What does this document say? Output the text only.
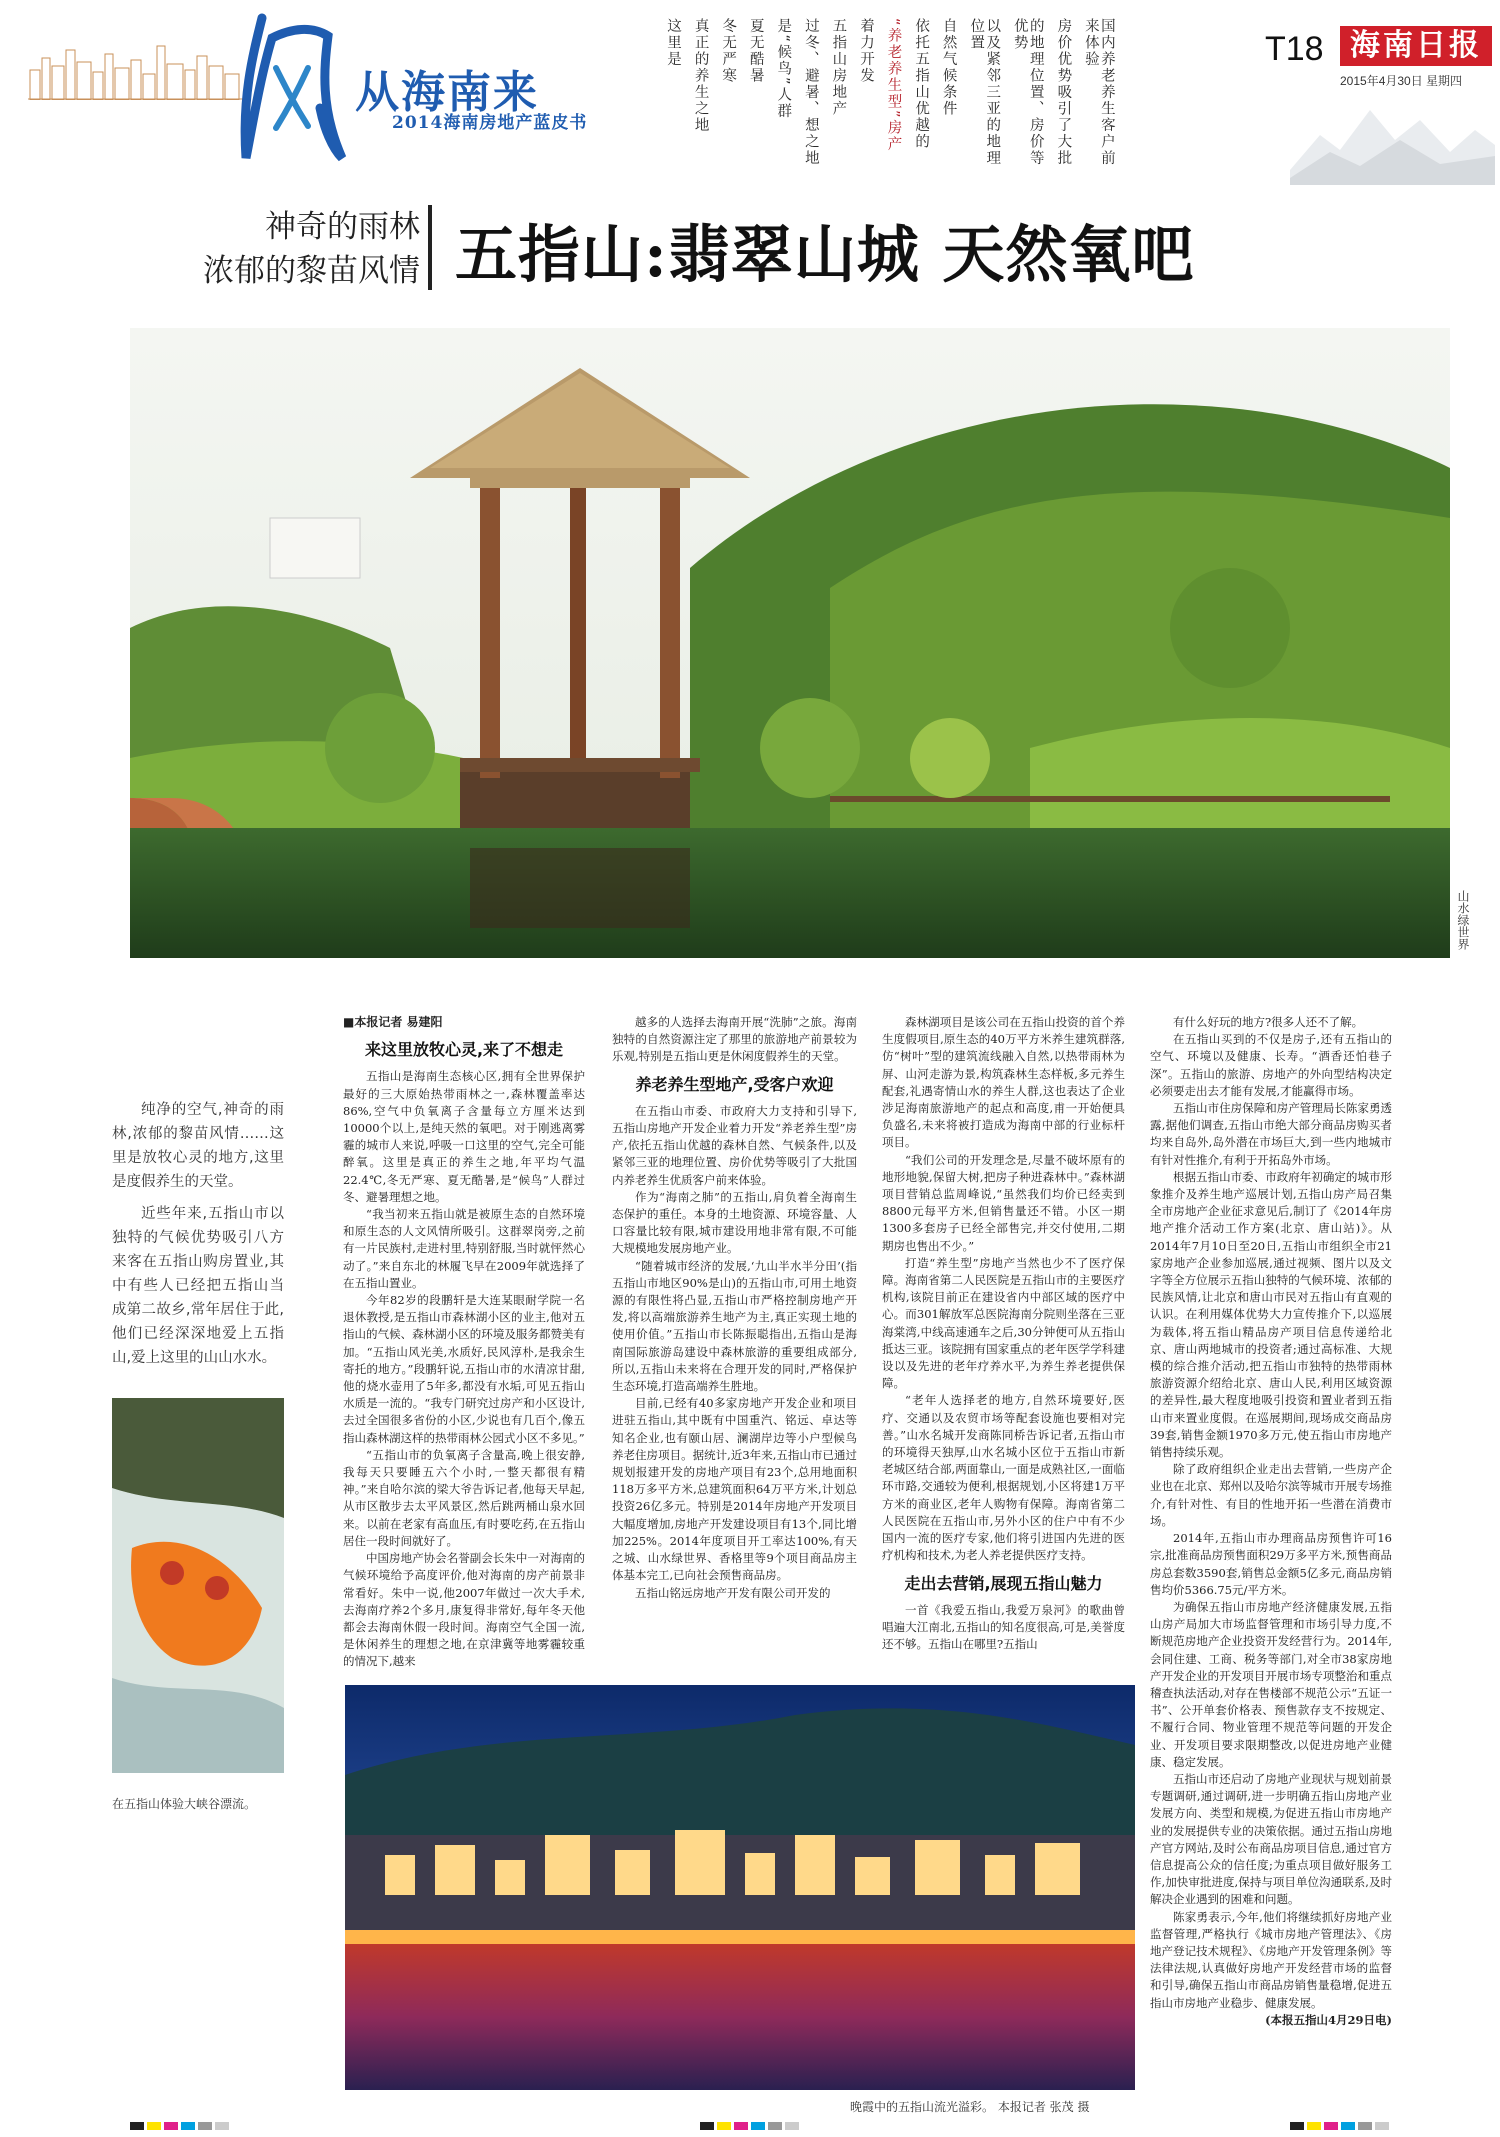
从海南来
2014海南房地产蓝皮书	国内养老养生客户前来体验
房价优势吸引了大批
的地理位置、房价等优势
以及紧邻三亚的地理位置
自然气候条件
依托五指山优越的
“养老养生型”房产
着力开发
五指山房地产
过冬、避暑、想之地
是“候鸟”人群
夏无酷暑
冬无严寒
真正的养生之地
这里是	T18 海南日报
2015年4月30日 星期四
神奇的雨林
浓郁的黎苗风情 五指山:翡翠山城 天然氧吧
山水绿世界

纯净的空气,神奇的雨林,浓郁的黎苗风情……这里是放牧心灵的地方,这里是度假养生的天堂。

近些年来,五指山市以独特的气候优势吸引八方来客在五指山购房置业,其中有些人已经把五指山当成第二故乡,常年居住于此,他们已经深深地爱上五指山,爱上这里的山山水水。

在五指山体验大峡谷漂流。
■ 本报记者 易建阳
来这里放牧心灵,来了不想走

五指山是海南生态核心区,拥有全世界保护最好的三大原始热带雨林之一,森林覆盖率达86%,空气中负氧离子含量每立方厘米达到10000个以上,是纯天然的氧吧。对于刚逃离雾霾的城市人来说,呼吸一口这里的空气,完全可能醉氧。这里是真正的养生之地,年平均气温22.4℃,冬无严寒、夏无酷暑,是“候鸟”人群过冬、避暑理想之地。

“我当初来五指山就是被原生态的自然环境和原生态的人文风情所吸引。这群翠岗旁,之前有一片民族村,走进村里,特别舒服,当时就怦然心动了。”来自东北的林履飞早在2009年就选择了在五指山置业。

今年82岁的段鹏轩是大连某眼耐学院一名退休教授,是五指山市森林湖小区的业主,他对五指山的气候、森林湖小区的环境及服务都赞美有加。“五指山风光美,水质好,民风淳朴,是我余生寄托的地方。”段鹏轩说,五指山市的水清凉甘甜,他的烧水壶用了5年多,都没有水垢,可见五指山水质是一流的。“我专门研究过房产和小区设计,去过全国很多省份的小区,少说也有几百个,像五指山森林湖这样的热带雨林公园式小区不多见。”

“五指山市的负氧离子含量高,晚上很安静,我每天只要睡五六个小时,一整天都很有精神。”来自哈尔滨的梁大爷告诉记者,他每天早起,从市区散步去太平风景区,然后跳两桶山泉水回来。以前在老家有高血压,有时要吃药,在五指山居住一段时间就好了。

中国房地产协会名誉副会长朱中一对海南的气候环境给予高度评价,他对海南的房产前景非常看好。朱中一说,他2007年做过一次大手术,去海南疗养2个多月,康复得非常好,每年冬天他都会去海南休假一段时间。海南空气全国一流,是休闲养生的理想之地,在京津冀等地雾霾较重的情况下,越来

越多的人选择去海南开展“洗肺”之旅。海南独特的自然资源注定了那里的旅游地产前景较为乐观,特别是五指山更是休闲度假养生的天堂。

养老养生型地产,受客户欢迎

在五指山市委、市政府大力支持和引导下,五指山房地产开发企业着力开发“养老养生型”房产,依托五指山优越的森林自然、气候条件,以及紧邻三亚的地理位置、房价优势等吸引了大批国内养老养生优质客户前来体验。

作为“海南之肺”的五指山,肩负着全海南生态保护的重任。本身的土地资源、环境容量、人口容量比较有限,城市建设用地非常有限,不可能大规模地发展房地产业。

“随着城市经济的发展,‘九山半水半分田’(指五指山市地区90%是山)的五指山市,可用土地资源的有限性将凸显,五指山市严格控制房地产开发,将以高端旅游养生地产为主,真正实现土地的使用价值。”五指山市长陈振聪指出,五指山是海南国际旅游岛建设中森林旅游的重要组成部分,所以,五指山未来将在合理开发的同时,严格保护生态环境,打造高端养生胜地。

目前,已经有40多家房地产开发企业和项目进驻五指山,其中既有中国重汽、铭远、卓达等知名企业,也有颐山居、澜湖岸边等小户型候鸟养老住房项目。据统计,近3年来,五指山市已通过规划报建开发的房地产项目有23个,总用地面积118万多平方米,总建筑面积64万平方米,计划总投资26亿多元。特别是2014年房地产开发项目大幅度增加,房地产开发建设项目有13个,同比增加225%。2014年度项目开工率达100%,有天之城、山水绿世界、香格里等9个项目商品房主体基本完工,已向社会预售商品房。

五指山铭远房地产开发有限公司开发的

森林湖项目是该公司在五指山投资的首个养生度假项目,原生态的40万平方米养生建筑群落,仿“树叶”型的建筑流线融入自然,以热带雨林为屏、山河走游为景,构筑森林生态样板,多元养生配套,礼遇寄情山水的养生人群,这也表达了企业涉足海南旅游地产的起点和高度,甫一开始便具负盛名,未来将被打造成为海南中部的行业标杆项目。

“我们公司的开发理念是,尽量不破坏原有的地形地貌,保留大树,把房子种进森林中。”森林湖项目营销总监周峰说,“虽然我们均价已经卖到8800元每平方米,但销售量还不错。小区一期1300多套房子已经全部售完,并交付使用,二期期房也售出不少。”

打造“养生型”房地产当然也少不了医疗保障。海南省第二人民医院是五指山市的主要医疗机构,该院目前正在建设省内中部区域的医疗中心。而301解放军总医院海南分院则坐落在三亚海棠湾,中线高速通车之后,30分钟便可从五指山抵达三亚。该院拥有国家重点的老年医学学科建设以及先进的老年疗养水平,为养生养老提供保障。

“老年人选择老的地方,自然环境要好,医疗、交通以及农贸市场等配套设施也要相对完善。”山水名城开发商陈同桥告诉记者,五指山市的环境得天独厚,山水名城小区位于五指山市新老城区结合部,两面靠山,一面是成熟社区,一面临环市路,交通较为便利,根据规划,小区将建1万平方米的商业区,老年人购物有保障。海南省第二人民医院在五指山市,另外小区的住户中有不少国内一流的医疗专家,他们将引进国内先进的医疗机构和技术,为老人养老提供医疗支持。

走出去营销,展现五指山魅力

一首《我爱五指山,我爱万泉河》的歌曲曾唱遍大江南北,五指山的知名度很高,可是,美誉度还不够。五指山在哪里?五指山

有什么好玩的地方?很多人还不了解。

在五指山买到的不仅是房子,还有五指山的空气、环境以及健康、长寿。“酒香还怕巷子深”。五指山的旅游、房地产的外向型结构决定必须要走出去才能有发展,才能赢得市场。

五指山市住房保障和房产管理局长陈家勇透露,据他们调查,五指山市绝大部分商品房购买者均来自岛外,岛外潜在市场巨大,到一些内地城市有针对性推介,有利于开拓岛外市场。

根据五指山市委、市政府年初确定的城市形象推介及养生地产巡展计划,五指山房产局召集全市房地产企业征求意见后,制订了《2014年房地产推介活动工作方案(北京、唐山站)》。从2014年7月10日至20日,五指山市组织全市21家房地产企业参加巡展,通过视频、图片以及文字等全方位展示五指山独特的气候环境、浓郁的民族风情,让北京和唐山市民对五指山有直观的认识。在利用媒体优势大力宣传推介下,以巡展为载体,将五指山精品房产项目信息传递给北京、唐山两地城市的投资者;通过高标准、大规模的综合推介活动,把五指山市独特的热带雨林旅游资源介绍给北京、唐山人民,利用区域资源的差异性,最大程度地吸引投资和置业者到五指山市来置业度假。在巡展期间,现场成交商品房39套,销售金额1970多万元,使五指山市房地产销售持续乐观。

除了政府组织企业走出去营销,一些房产企业也在北京、郑州以及哈尔滨等城市开展专场推介,有针对性、有目的性地开拓一些潜在消费市场。

2014年,五指山市办理商品房预售许可16宗,批准商品房预售面积29万多平方米,预售商品房总套数3590套,销售总金额5亿多元,商品房销售均价5366.75元/平方米。

为确保五指山市房地产经济健康发展,五指山房产局加大市场监督管理和市场引导力度,不断规范房地产企业投资开发经营行为。2014年,会同住建、工商、税务等部门,对全市38家房地产开发企业的开发项目开展市场专项整治和重点稽查执法活动,对存在售楼部不规范公示“五证一书”、公开单套价格表、预售款存支不按规定、不履行合同、物业管理不规范等问题的开发企业、开发项目要求限期整改,以促进房地产业健康、稳定发展。

五指山市还启动了房地产业现状与规划前景专题调研,通过调研,进一步明确五指山房地产业发展方向、类型和规模,为促进五指山市房地产业的发展提供专业的决策依据。通过五指山房地产官方网站,及时公布商品房项目信息,通过官方信息提高公众的信任度;为重点项目做好服务工作,加快审批进度,保持与项目单位沟通联系,及时解决企业遇到的困难和问题。

陈家勇表示,今年,他们将继续抓好房地产业监督管理,严格执行《城市房地产管理法》、《房地产登记技术规程》、《房地产开发管理条例》等法律法规,认真做好房地产开发经营市场的监督和引导,确保五指山市商品房销售量稳增,促进五指山市房地产业稳步、健康发展。

(本报五指山4月29日电)
晚霞中的五指山流光溢彩。 本报记者 张茂 摄
